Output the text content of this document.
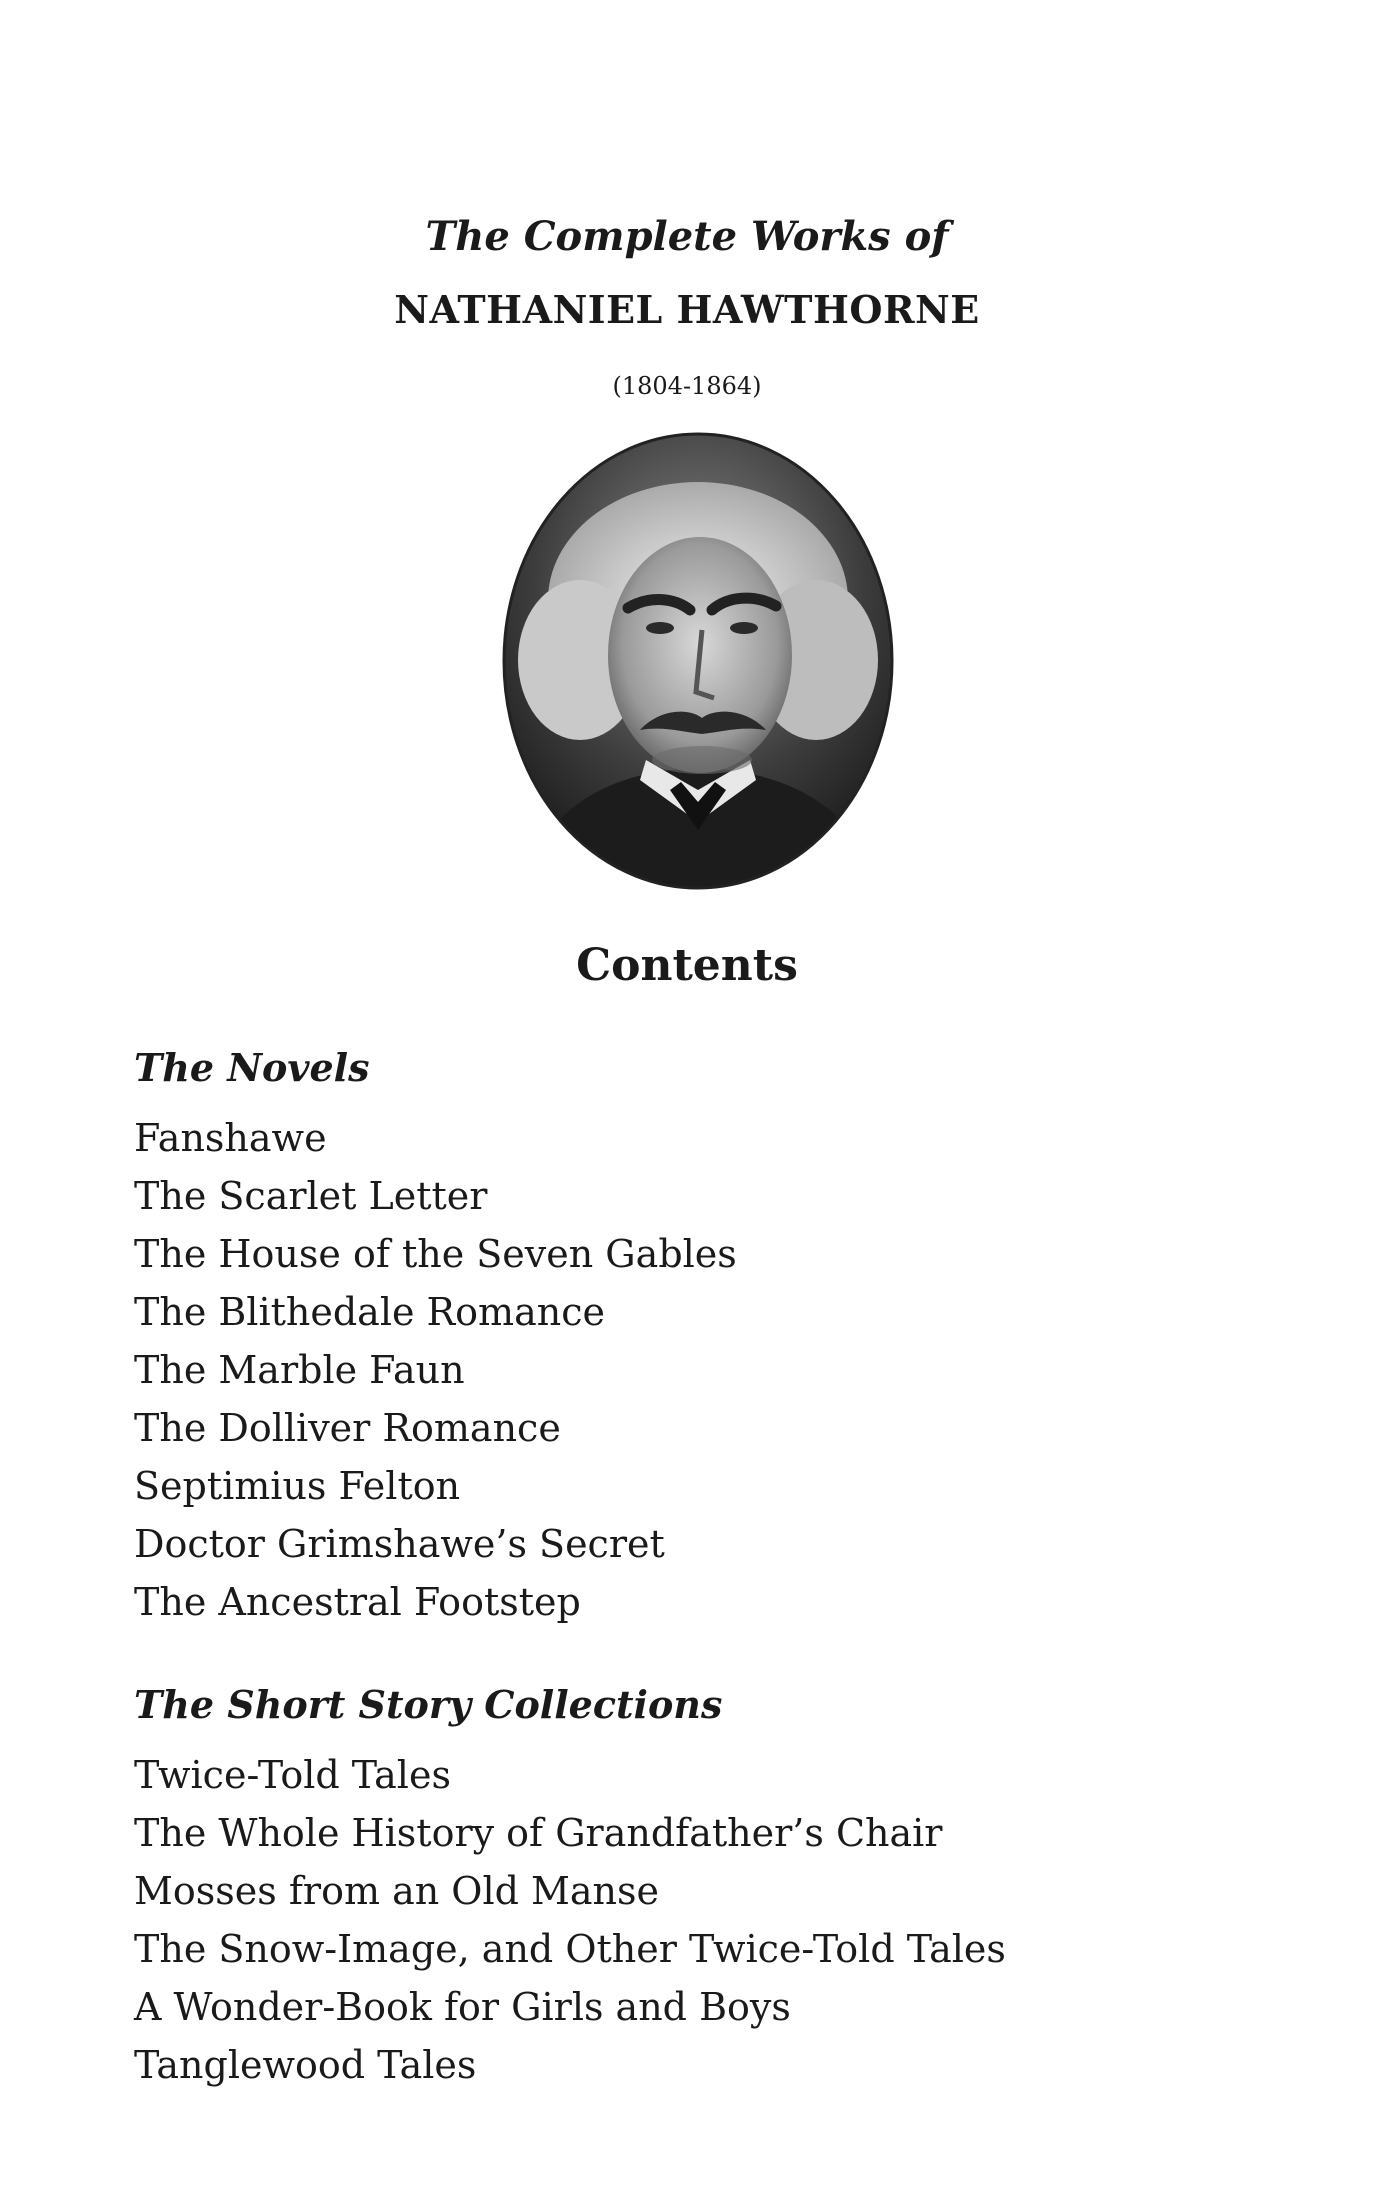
The Complete Works of
NATHANIEL HAWTHORNE
(1804-1864)
Contents
The Novels
Fanshawe
The Scarlet Letter
The House of the Seven Gables
The Blithedale Romance
The Marble Faun
The Dolliver Romance
Septimius Felton
Doctor Grimshawe’s Secret
The Ancestral Footstep
The Short Story Collections
Twice-Told Tales
The Whole History of Grandfather’s Chair
Mosses from an Old Manse
The Snow-Image, and Other Twice-Told Tales
A Wonder-Book for Girls and Boys
Tanglewood Tales
